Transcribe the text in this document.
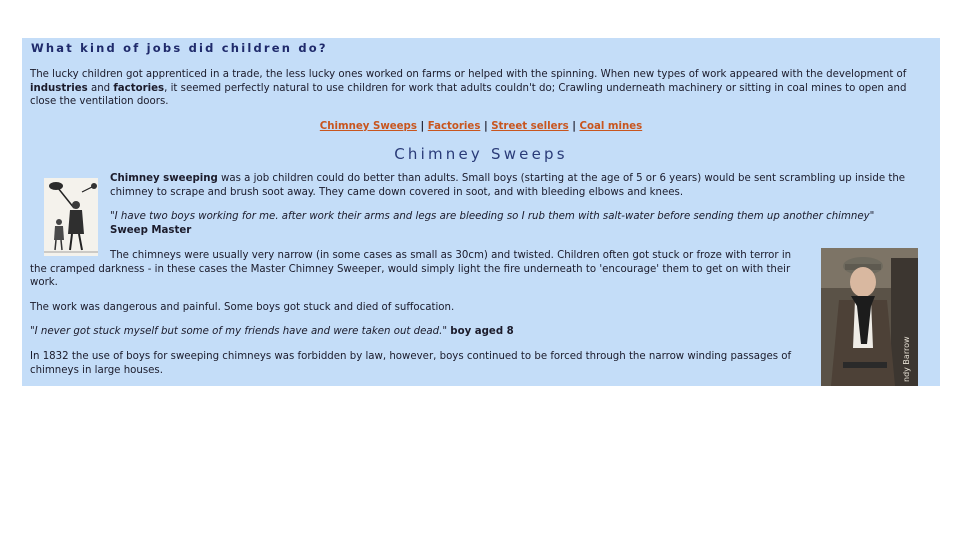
What kind of jobs did children do?

The lucky children got apprenticed in a trade, the less lucky ones worked on farms or helped with the spinning. When new types of work appeared with the development of industries and factories, it seemed perfectly natural to use children for work that adults couldn't do; Crawling underneath machinery or sitting in coal mines to open and close the ventilation doors.

Chimney Sweeps | Factories | Street sellers | Coal mines
Chimney Sweeps

Chimney sweeping was a job children could do better than adults. Small boys (starting at the age of 5 or 6 years) would be sent scrambling up inside the chimney to scrape and brush soot away. They came down covered in soot, and with bleeding elbows and knees.

"I have two boys working for me. after work their arms and legs are bleeding so I rub them with salt-water before sending them up another chimney" Sweep Master

The chimneys were usually very narrow (in some cases as small as 30cm) and twisted. Children often got stuck or froze with terror in the cramped darkness - in these cases the Master Chimney Sweeper, would simply light the fire underneath to 'encourage' them to get on with their work.

The work was dangerous and painful. Some boys got stuck and died of suffocation.

"I never got stuck myself but some of my friends have and were taken out dead." boy aged 8

In 1832 the use of boys for sweeping chimneys was forbidden by law, however, boys continued to be forced through the narrow winding passages of chimneys in large houses.	ndy Barrow
